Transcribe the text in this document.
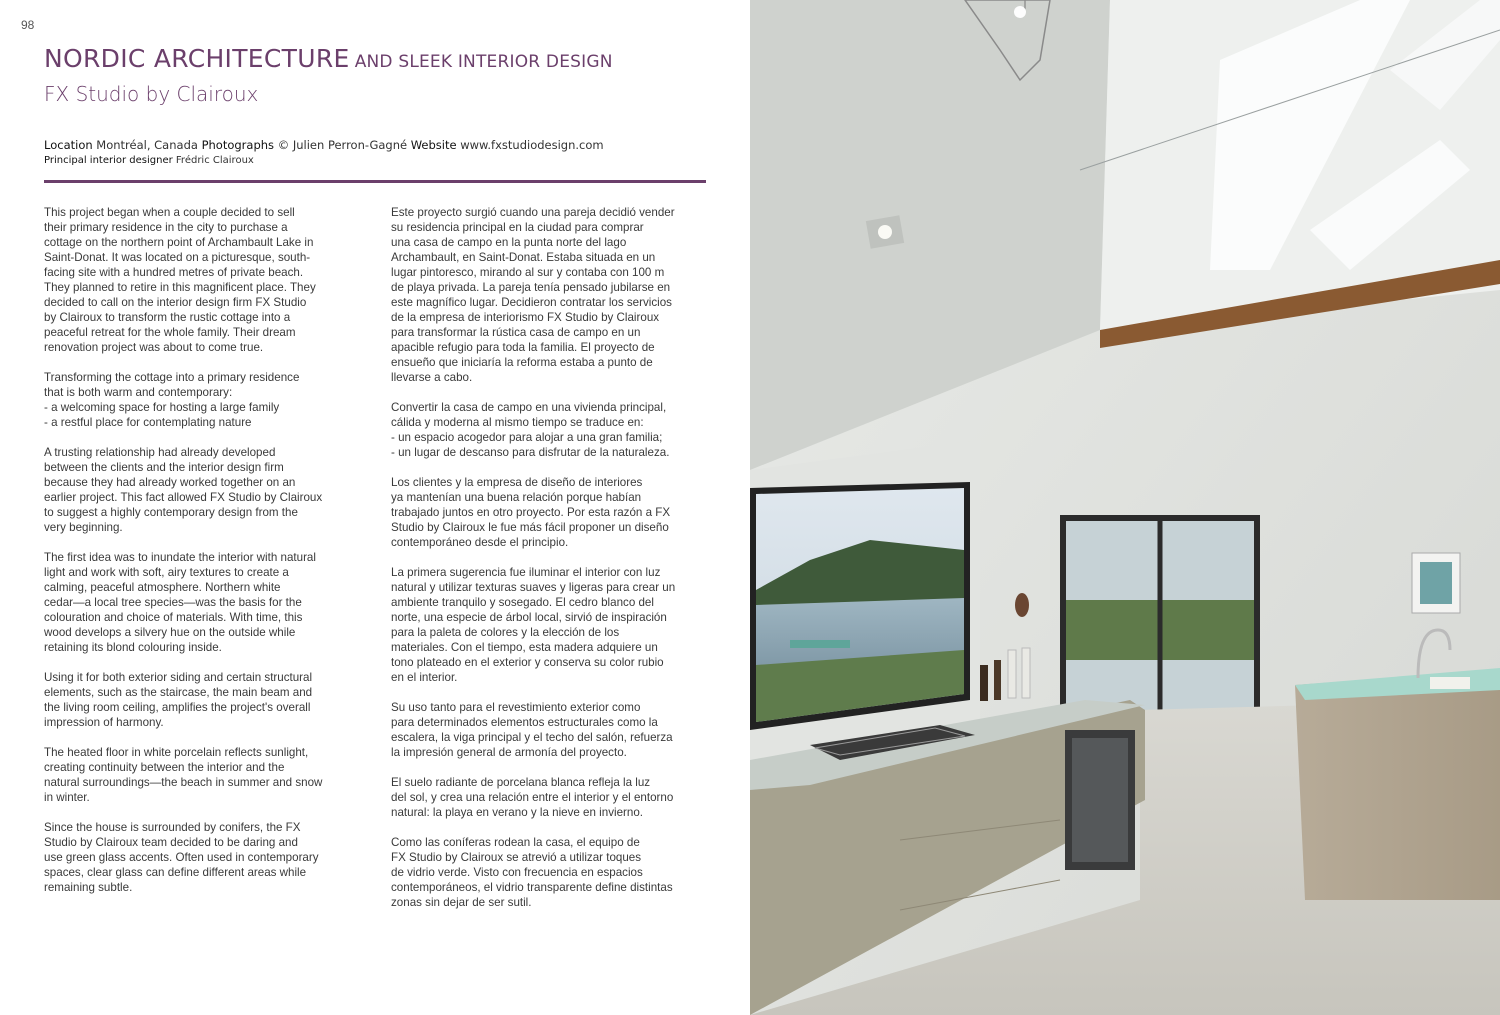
98
NORDIC ARCHITECTURE AND SLEEK INTERIOR DESIGN
FX Studio by Clairoux
Location Montréal, Canada Photographs © Julien Perron-Gagné Website www.fxstudiodesign.com
Principal interior designer Frédric Clairoux

This project began when a couple decided to sell
their primary residence in the city to purchase a
cottage on the northern point of Archambault Lake in
Saint-Donat. It was located on a picturesque, south-
facing site with a hundred metres of private beach.
They planned to retire in this magnificent place. They
decided to call on the interior design firm FX Studio
by Clairoux to transform the rustic cottage into a
peaceful retreat for the whole family. Their dream
renovation project was about to come true.

Transforming the cottage into a primary residence
that is both warm and contemporary:
- a welcoming space for hosting a large family
- a restful place for contemplating nature

A trusting relationship had already developed
between the clients and the interior design firm
because they had already worked together on an
earlier project. This fact allowed FX Studio by Clairoux
to suggest a highly contemporary design from the
very beginning.

The first idea was to inundate the interior with natural
light and work with soft, airy textures to create a
calming, peaceful atmosphere. Northern white
cedar—a local tree species—was the basis for the
colouration and choice of materials. With time, this
wood develops a silvery hue on the outside while
retaining its blond colouring inside.

Using it for both exterior siding and certain structural
elements, such as the staircase, the main beam and
the living room ceiling, amplifies the project's overall
impression of harmony.

The heated floor in white porcelain reflects sunlight,
creating continuity between the interior and the
natural surroundings—the beach in summer and snow
in winter.

Since the house is surrounded by conifers, the FX
Studio by Clairoux team decided to be daring and
use green glass accents. Often used in contemporary
spaces, clear glass can define different areas while
remaining subtle.

Este proyecto surgió cuando una pareja decidió vender
su residencia principal en la ciudad para comprar
una casa de campo en la punta norte del lago
Archambault, en Saint-Donat. Estaba situada en un
lugar pintoresco, mirando al sur y contaba con 100 m
de playa privada. La pareja tenía pensado jubilarse en
este magnífico lugar. Decidieron contratar los servicios
de la empresa de interiorismo FX Studio by Clairoux
para transformar la rústica casa de campo en un
apacible refugio para toda la familia. El proyecto de
ensueño que iniciaría la reforma estaba a punto de
llevarse a cabo.

Convertir la casa de campo en una vivienda principal,
cálida y moderna al mismo tiempo se traduce en:
- un espacio acogedor para alojar a una gran familia;
- un lugar de descanso para disfrutar de la naturaleza.

Los clientes y la empresa de diseño de interiores
ya mantenían una buena relación porque habían
trabajado juntos en otro proyecto. Por esta razón a FX
Studio by Clairoux le fue más fácil proponer un diseño
contemporáneo desde el principio.

La primera sugerencia fue iluminar el interior con luz
natural y utilizar texturas suaves y ligeras para crear un
ambiente tranquilo y sosegado. El cedro blanco del
norte, una especie de árbol local, sirvió de inspiración
para la paleta de colores y la elección de los
materiales. Con el tiempo, esta madera adquiere un
tono plateado en el exterior y conserva su color rubio
en el interior.

Su uso tanto para el revestimiento exterior como
para determinados elementos estructurales como la
escalera, la viga principal y el techo del salón, refuerza
la impresión general de armonía del proyecto.

El suelo radiante de porcelana blanca refleja la luz
del sol, y crea una relación entre el interior y el entorno
natural: la playa en verano y la nieve en invierno.

Como las coníferas rodean la casa, el equipo de
FX Studio by Clairoux se atrevió a utilizar toques
de vidrio verde. Visto con frecuencia en espacios
contemporáneos, el vidrio transparente define distintas
zonas sin dejar de ser sutil.
